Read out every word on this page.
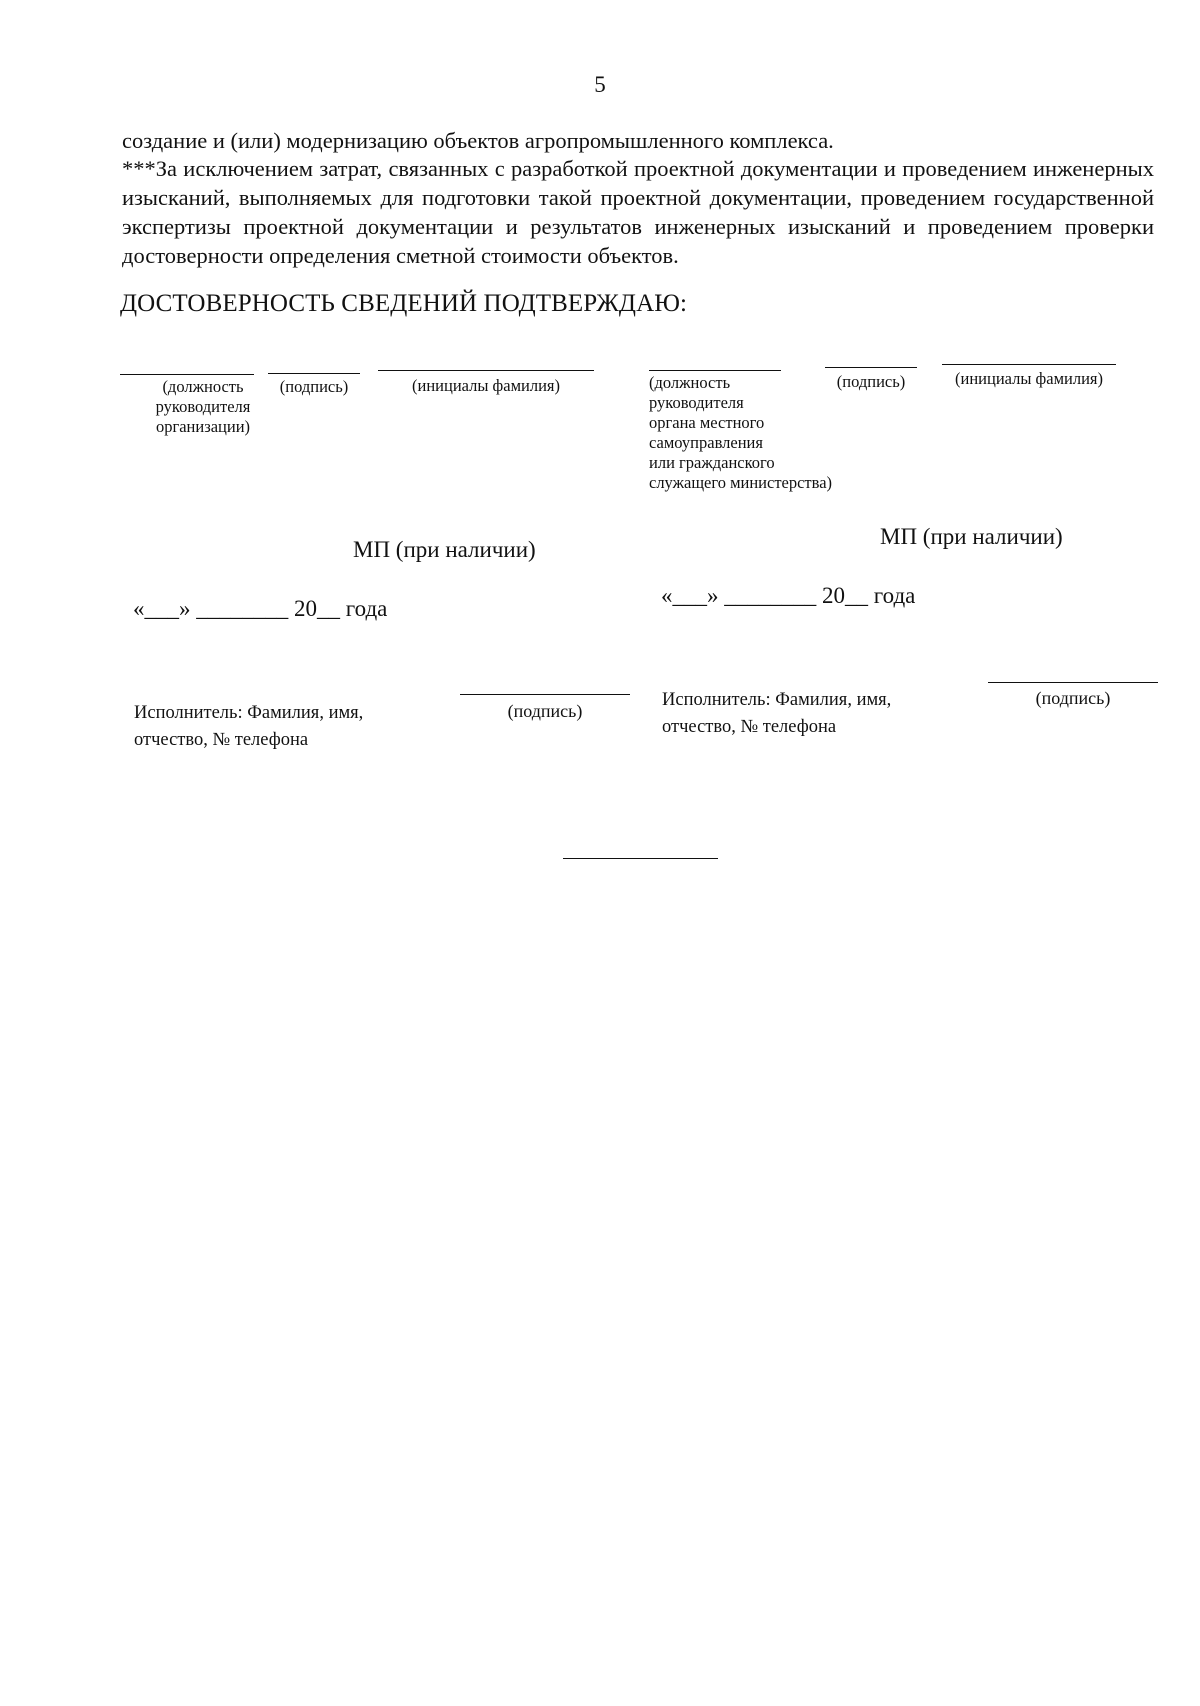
5
создание и (или) модернизацию объектов агропромышленного комплекса.
***За исключением затрат, связанных с разработкой проектной документации и проведением инженерных изысканий, выполняемых для подготовки такой проектной документации, проведением государственной экспертизы проектной документации и результатов инженерных изысканий и проведением проверки достоверности определения сметной стоимости объектов.
ДОСТОВЕРНОСТЬ СВЕДЕНИЙ ПОДТВЕРЖДАЮ:
(должность
руководителя
организации)
(подпись)	(инициалы фамилия)
МП (при наличии)
«___» ________ 20__ года
(подпись)
Исполнитель: Фамилия, имя,
отчество, № телефона
(должность
руководителя
органа местного
самоуправления
или гражданского
служащего министерства)
(подпись)	(инициалы фамилия)
МП (при наличии)
«___» ________ 20__ года
(подпись)
Исполнитель: Фамилия, имя,
отчество, № телефона
